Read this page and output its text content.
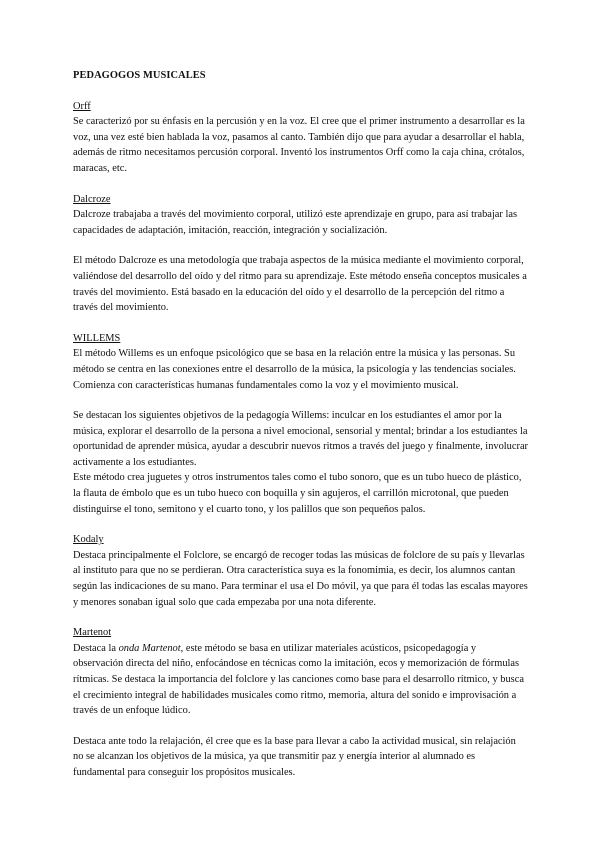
PEDAGOGOS MUSICALES
Orff

Se caracterizó por su énfasis en la percusión y en la voz. El cree que el primer instrumento a desarrollar es la voz, una vez esté bien hablada la voz, pasamos al canto. También dijo que para ayudar a desarrollar el habla, además de ritmo necesitamos percusión corporal. Inventó los instrumentos Orff como la caja china, crótalos, maracas, etc.

Dalcroze

Dalcroze trabajaba a través del movimiento corporal, utilizó este aprendizaje en grupo, para así trabajar las capacidades de adaptación, imitación, reacción, integración y socialización.

El método Dalcroze es una metodología que trabaja aspectos de la música mediante el movimiento corporal, valiéndose del desarrollo del oído y del ritmo para su aprendizaje. Este método enseña conceptos musicales a través del movimiento. Está basado en la educación del oído y el desarrollo de la percepción del ritmo a través del movimiento.

WILLEMS

El método Willems es un enfoque psicológico que se basa en la relación entre la música y las personas. Su método se centra en las conexiones entre el desarrollo de la música, la psicología y las tendencias sociales. Comienza con características humanas fundamentales como la voz y el movimiento musical.

Se destacan los siguientes objetivos de la pedagogía Willems: inculcar en los estudiantes el amor por la música, explorar el desarrollo de la persona a nivel emocional, sensorial y mental; brindar a los estudiantes la oportunidad de aprender música, ayudar a descubrir nuevos ritmos a través del juego y finalmente, involucrar activamente a los estudiantes.

Este método crea juguetes y otros instrumentos tales como el tubo sonoro, que es un tubo hueco de plástico, la flauta de émbolo que es un tubo hueco con boquilla y sin agujeros, el carrillón microtonal, que pueden distinguirse el tono, semitono y el cuarto tono, y los palillos que son pequeños palos.

Kodaly

Destaca principalmente el Folclore, se encargó de recoger todas las músicas de folclore de su país y llevarlas al instituto para que no se perdieran. Otra característica suya es la fonomimia, es decir, los alumnos cantan según las indicaciones de su mano. Para terminar el usa el Do móvil, ya que para él todas las escalas mayores y menores sonaban igual solo que cada empezaba por una nota diferente.

Martenot

Destaca la onda Martenot, este método se basa en utilizar materiales acústicos, psicopedagogía y observación directa del niño, enfocándose en técnicas como la imitación, ecos y memorización de fórmulas rítmicas. Se destaca la importancia del folclore y las canciones como base para el desarrollo rítmico, y busca el crecimiento integral de habilidades musicales como ritmo, memoria, altura del sonido e improvisación a través de un enfoque lúdico.

Destaca ante todo la relajación, él cree que es la base para llevar a cabo la actividad musical, sin relajación no se alcanzan los objetivos de la música, ya que transmitir paz y energía interior al alumnado es fundamental para conseguir los propósitos musicales.
